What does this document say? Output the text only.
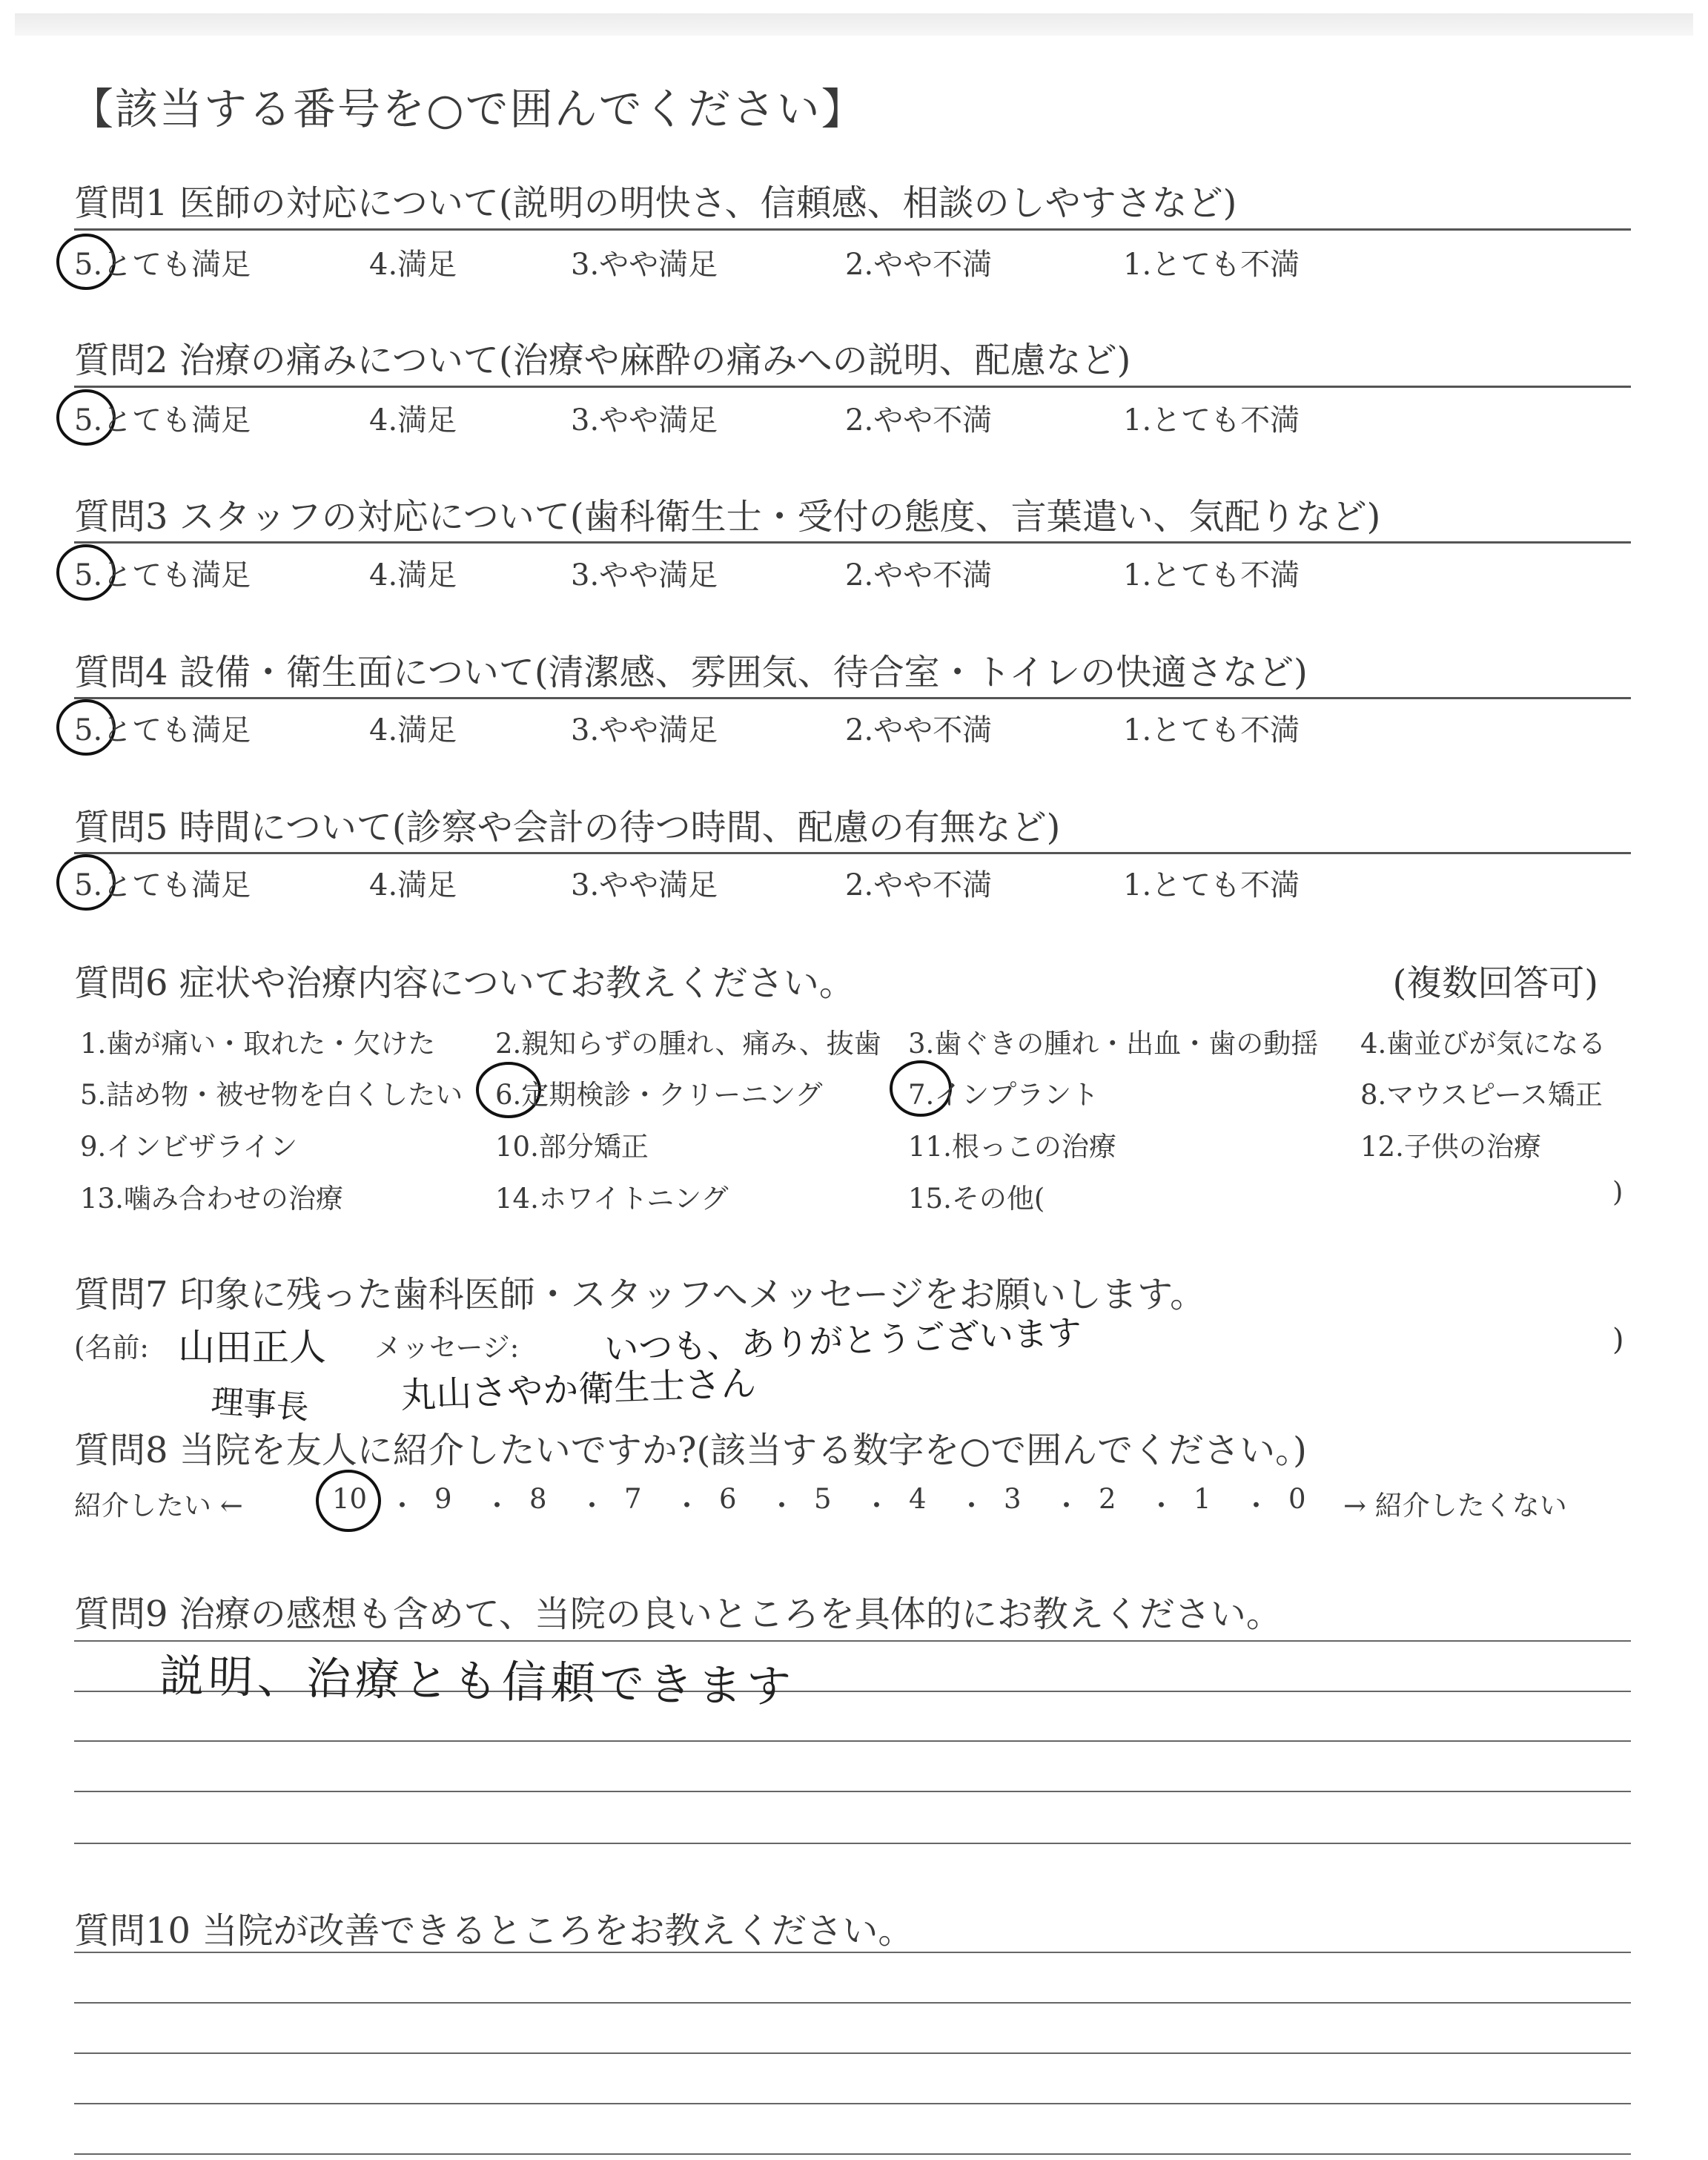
【該当する番号を○で囲んでください】
質問1 医師の対応について(説明の明快さ、信頼感、相談のしやすさなど)
質問2 治療の痛みについて(治療や麻酔の痛みへの説明、配慮など)
質問3 スタッフの対応について(歯科衛生士・受付の態度、言葉遣い、気配りなど)
質問4 設備・衛生面について(清潔感、雰囲気、待合室・トイレの快適さなど)
質問5 時間について(診察や会計の待つ時間、配慮の有無など)
質問6 症状や治療内容についてお教えください。	(複数回答可)
質問7 印象に残った歯科医師・スタッフへメッセージをお願いします。
(名前:	メッセージ:	)
山田正人
理事長
いつも、ありがとうございます
丸山さやか衛生士さん
質問8 当院を友人に紹介したいですか?(該当する数字を○で囲んでください。)
紹介したい ←	→ 紹介したくない
質問9 治療の感想も含めて、当院の良いところを具体的にお教えください。
説明、治療とも信頼できます
質問10 当院が改善できるところをお教えください。
5.とても満足	4.満足	3.やや満足	2.やや不満	1.とても不満
5.とても満足	4.満足	3.やや満足	2.やや不満	1.とても不満
5.とても満足	4.満足	3.やや満足	2.やや不満	1.とても不満
5.とても満足	4.満足	3.やや満足	2.やや不満	1.とても不満
5.とても満足	4.満足	3.やや満足	2.やや不満	1.とても不満
1.歯が痛い・取れた・欠けた 2.親知らずの腫れ、痛み、抜歯 3.歯ぐきの腫れ・出血・歯の動揺 4.歯並びが気になる
5.詰め物・被せ物を白くしたい 6.定期検診・クリーニング	7.インプラント	8.マウスピース矯正
9.インビザライン	10.部分矯正	11.根っこの治療	12.子供の治療
13.噛み合わせの治療	14.ホワイトニング	15.その他(	)
10 ・ 9 ・ 8 ・ 7 ・ 6 ・ 5 ・ 4 ・ 3 ・ 2 ・ 1 ・ 0
